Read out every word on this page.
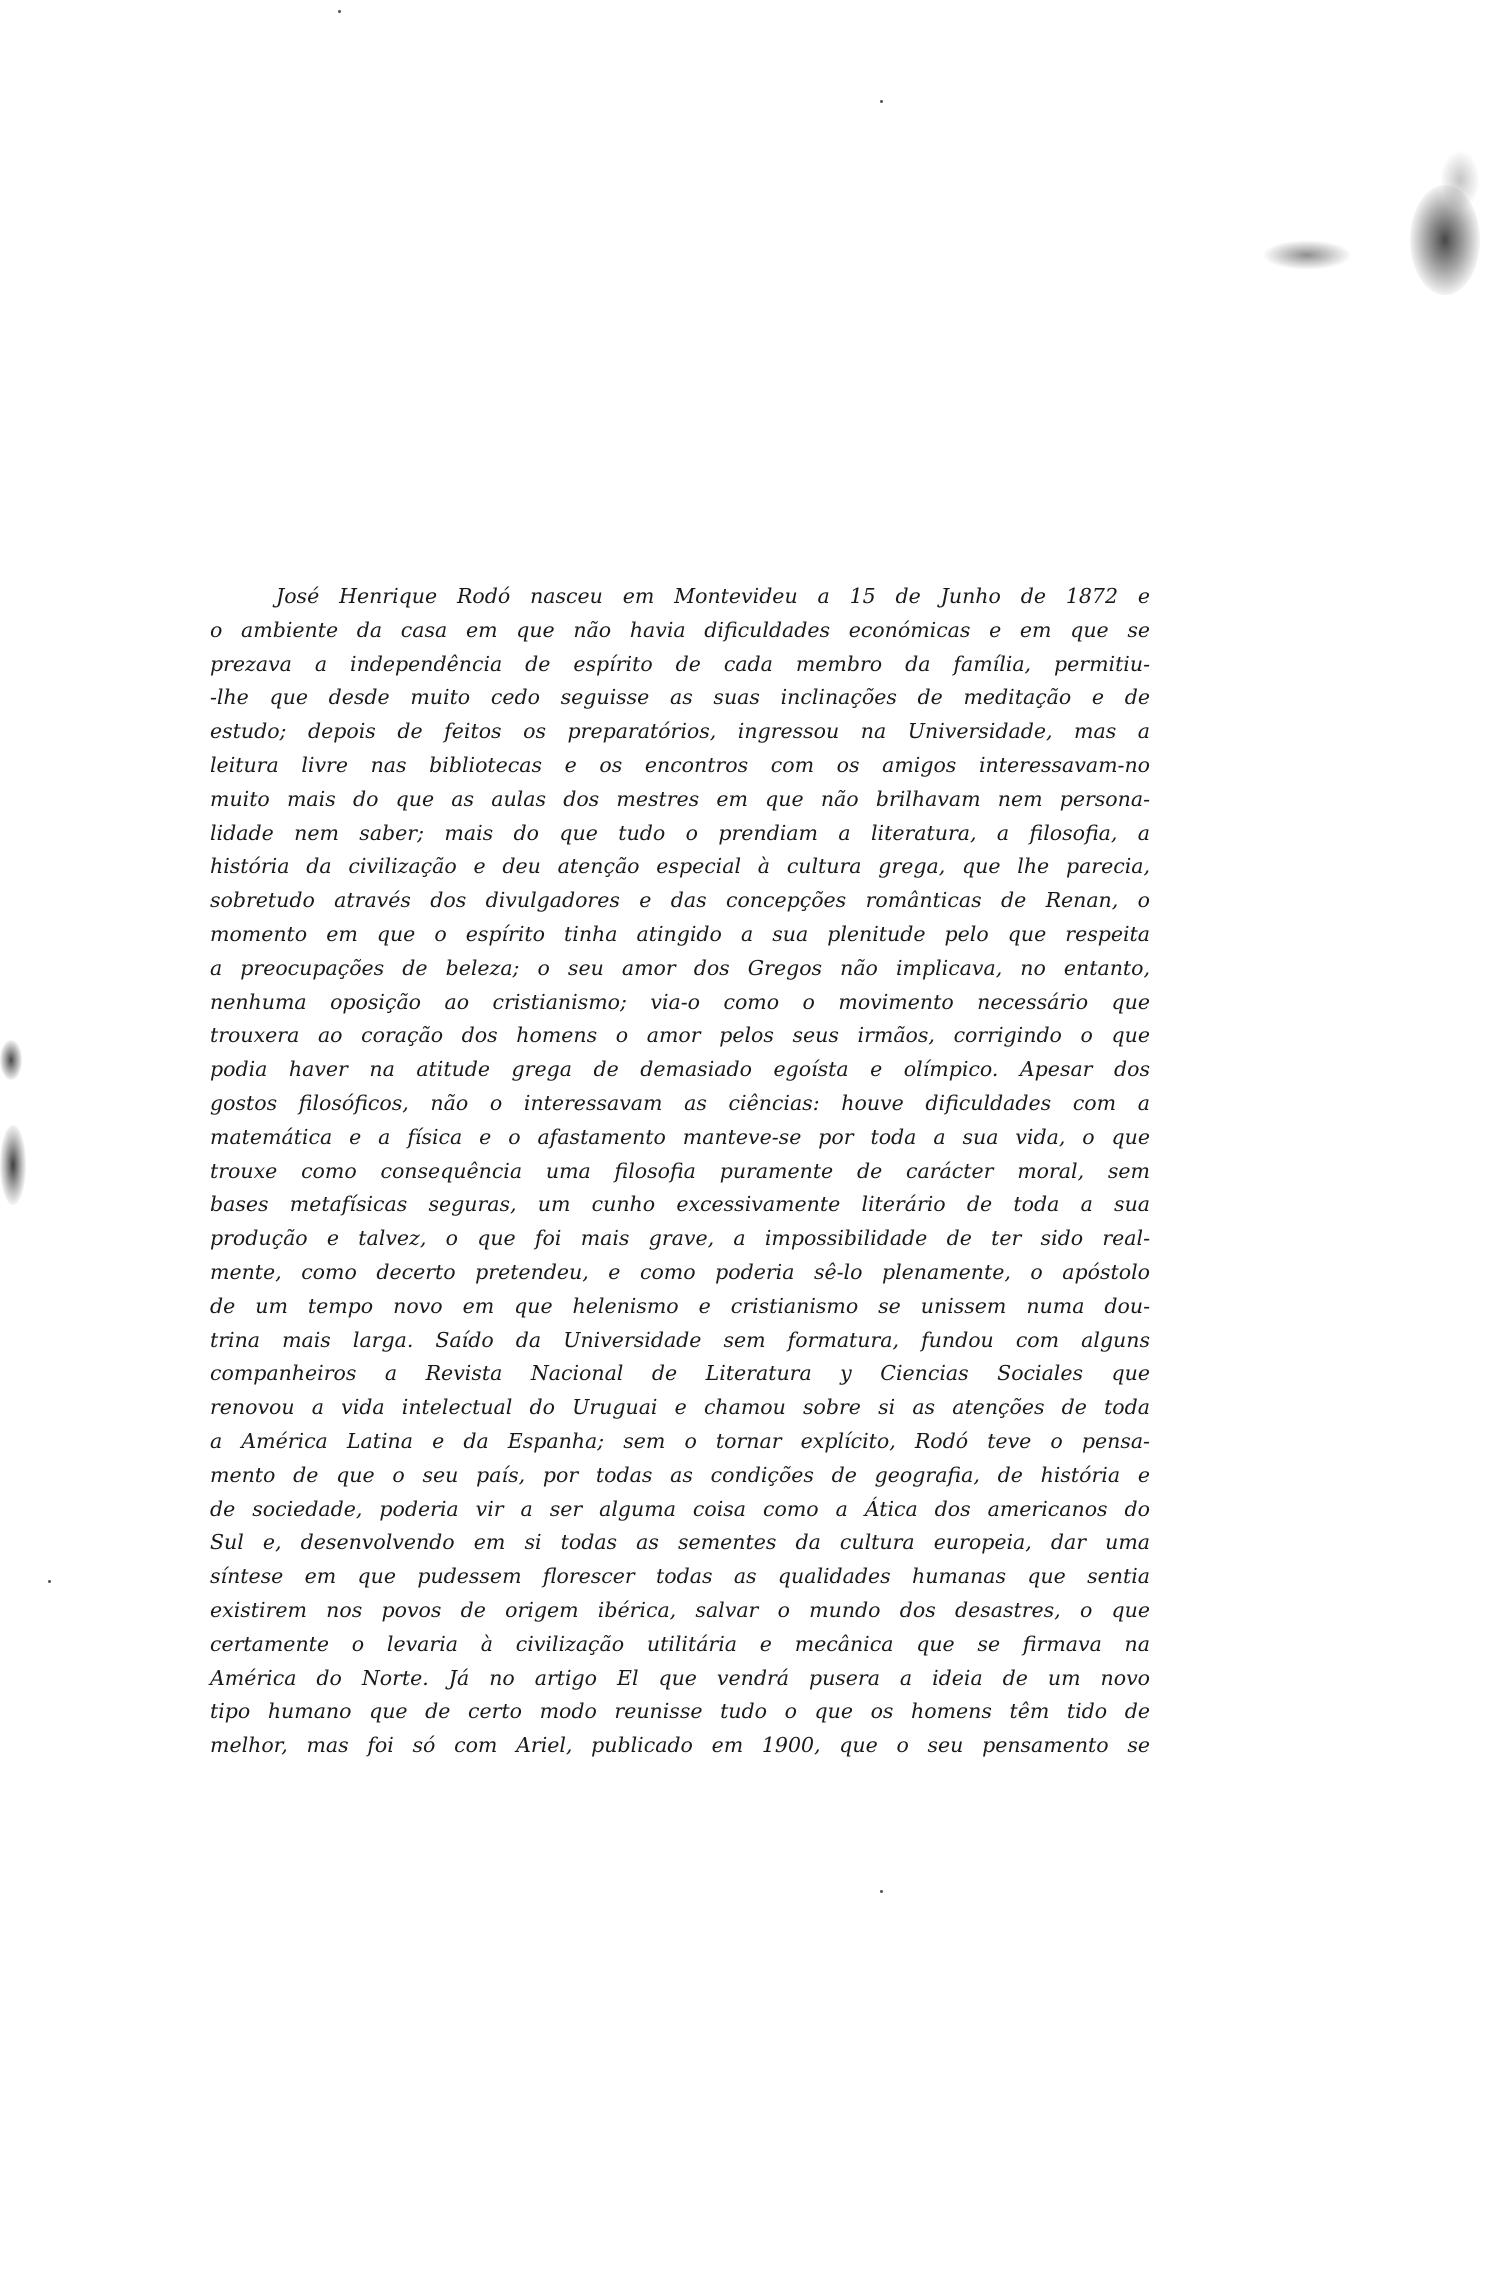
José Henrique Rodó nasceu em Montevideu a 15 de Junho de 1872 e
o ambiente da casa em que não havia dificuldades económicas e em que se
prezava a independência de espírito de cada membro da família, permitiu-
-lhe que desde muito cedo seguisse as suas inclinações de meditação e de
estudo; depois de feitos os preparatórios, ingressou na Universidade, mas a
leitura livre nas bibliotecas e os encontros com os amigos interessavam-no
muito mais do que as aulas dos mestres em que não brilhavam nem persona-
lidade nem saber; mais do que tudo o prendiam a literatura, a filosofia, a
história da civilização e deu atenção especial à cultura grega, que lhe parecia,
sobretudo através dos divulgadores e das concepções românticas de Renan, o
momento em que o espírito tinha atingido a sua plenitude pelo que respeita
a preocupações de beleza; o seu amor dos Gregos não implicava, no entanto,
nenhuma oposição ao cristianismo; via-o como o movimento necessário que
trouxera ao coração dos homens o amor pelos seus irmãos, corrigindo o que
podia haver na atitude grega de demasiado egoísta e olímpico. Apesar dos
gostos filosóficos, não o interessavam as ciências: houve dificuldades com a
matemática e a física e o afastamento manteve-se por toda a sua vida, o que
trouxe como consequência uma filosofia puramente de carácter moral, sem
bases metafísicas seguras, um cunho excessivamente literário de toda a sua
produção e talvez, o que foi mais grave, a impossibilidade de ter sido real-
mente, como decerto pretendeu, e como poderia sê-lo plenamente, o apóstolo
de um tempo novo em que helenismo e cristianismo se unissem numa dou-
trina mais larga. Saído da Universidade sem formatura, fundou com alguns
companheiros a Revista Nacional de Literatura y Ciencias Sociales que
renovou a vida intelectual do Uruguai e chamou sobre si as atenções de toda
a América Latina e da Espanha; sem o tornar explícito, Rodó teve o pensa-
mento de que o seu país, por todas as condições de geografia, de história e
de sociedade, poderia vir a ser alguma coisa como a Ática dos americanos do
Sul e, desenvolvendo em si todas as sementes da cultura europeia, dar uma
síntese em que pudessem florescer todas as qualidades humanas que sentia
existirem nos povos de origem ibérica, salvar o mundo dos desastres, o que
certamente o levaria à civilização utilitária e mecânica que se firmava na
América do Norte. Já no artigo El que vendrá pusera a ideia de um novo
tipo humano que de certo modo reunisse tudo o que os homens têm tido de
melhor, mas foi só com Ariel, publicado em 1900, que o seu pensamento se
